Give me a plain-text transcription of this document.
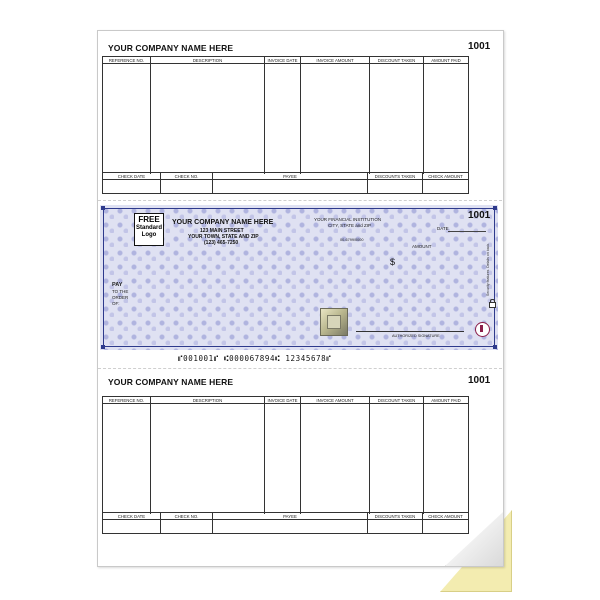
YOUR COMPANY NAME HERE	1001
REFERENCE NO.	DESCRIPTION	INVOICE DATE	INVOICE AMOUNT	DISCOUNT TAKEN	AMOUNT PAID

CHECK DATE	CHECK NO.	PAYEE	DISCOUNTS TAKEN	CHECK AMOUNT

FREE
Standard
Logo
YOUR COMPANY NAME HERE
123 MAIN STREET
YOUR TOWN, STATE AND ZIP
(123) 465-7250
YOUR FINANCIAL INSTITUTION
CITY, STATE and ZIP
00-6799/0000
1001
DATE
AMOUNT
$
PAY
TO THE ORDER OF:
AUTHORIZED SIGNATURE
Security features. Details on back.
⑈001001⑈ ⑆000067894⑆ 12345678⑈
YOUR COMPANY NAME HERE	1001
REFERENCE NO.	DESCRIPTION	INVOICE DATE	INVOICE AMOUNT	DISCOUNT TAKEN	AMOUNT PAID

CHECK DATE	CHECK NO.	PAYEE	DISCOUNTS TAKEN	CHECK AMOUNT
